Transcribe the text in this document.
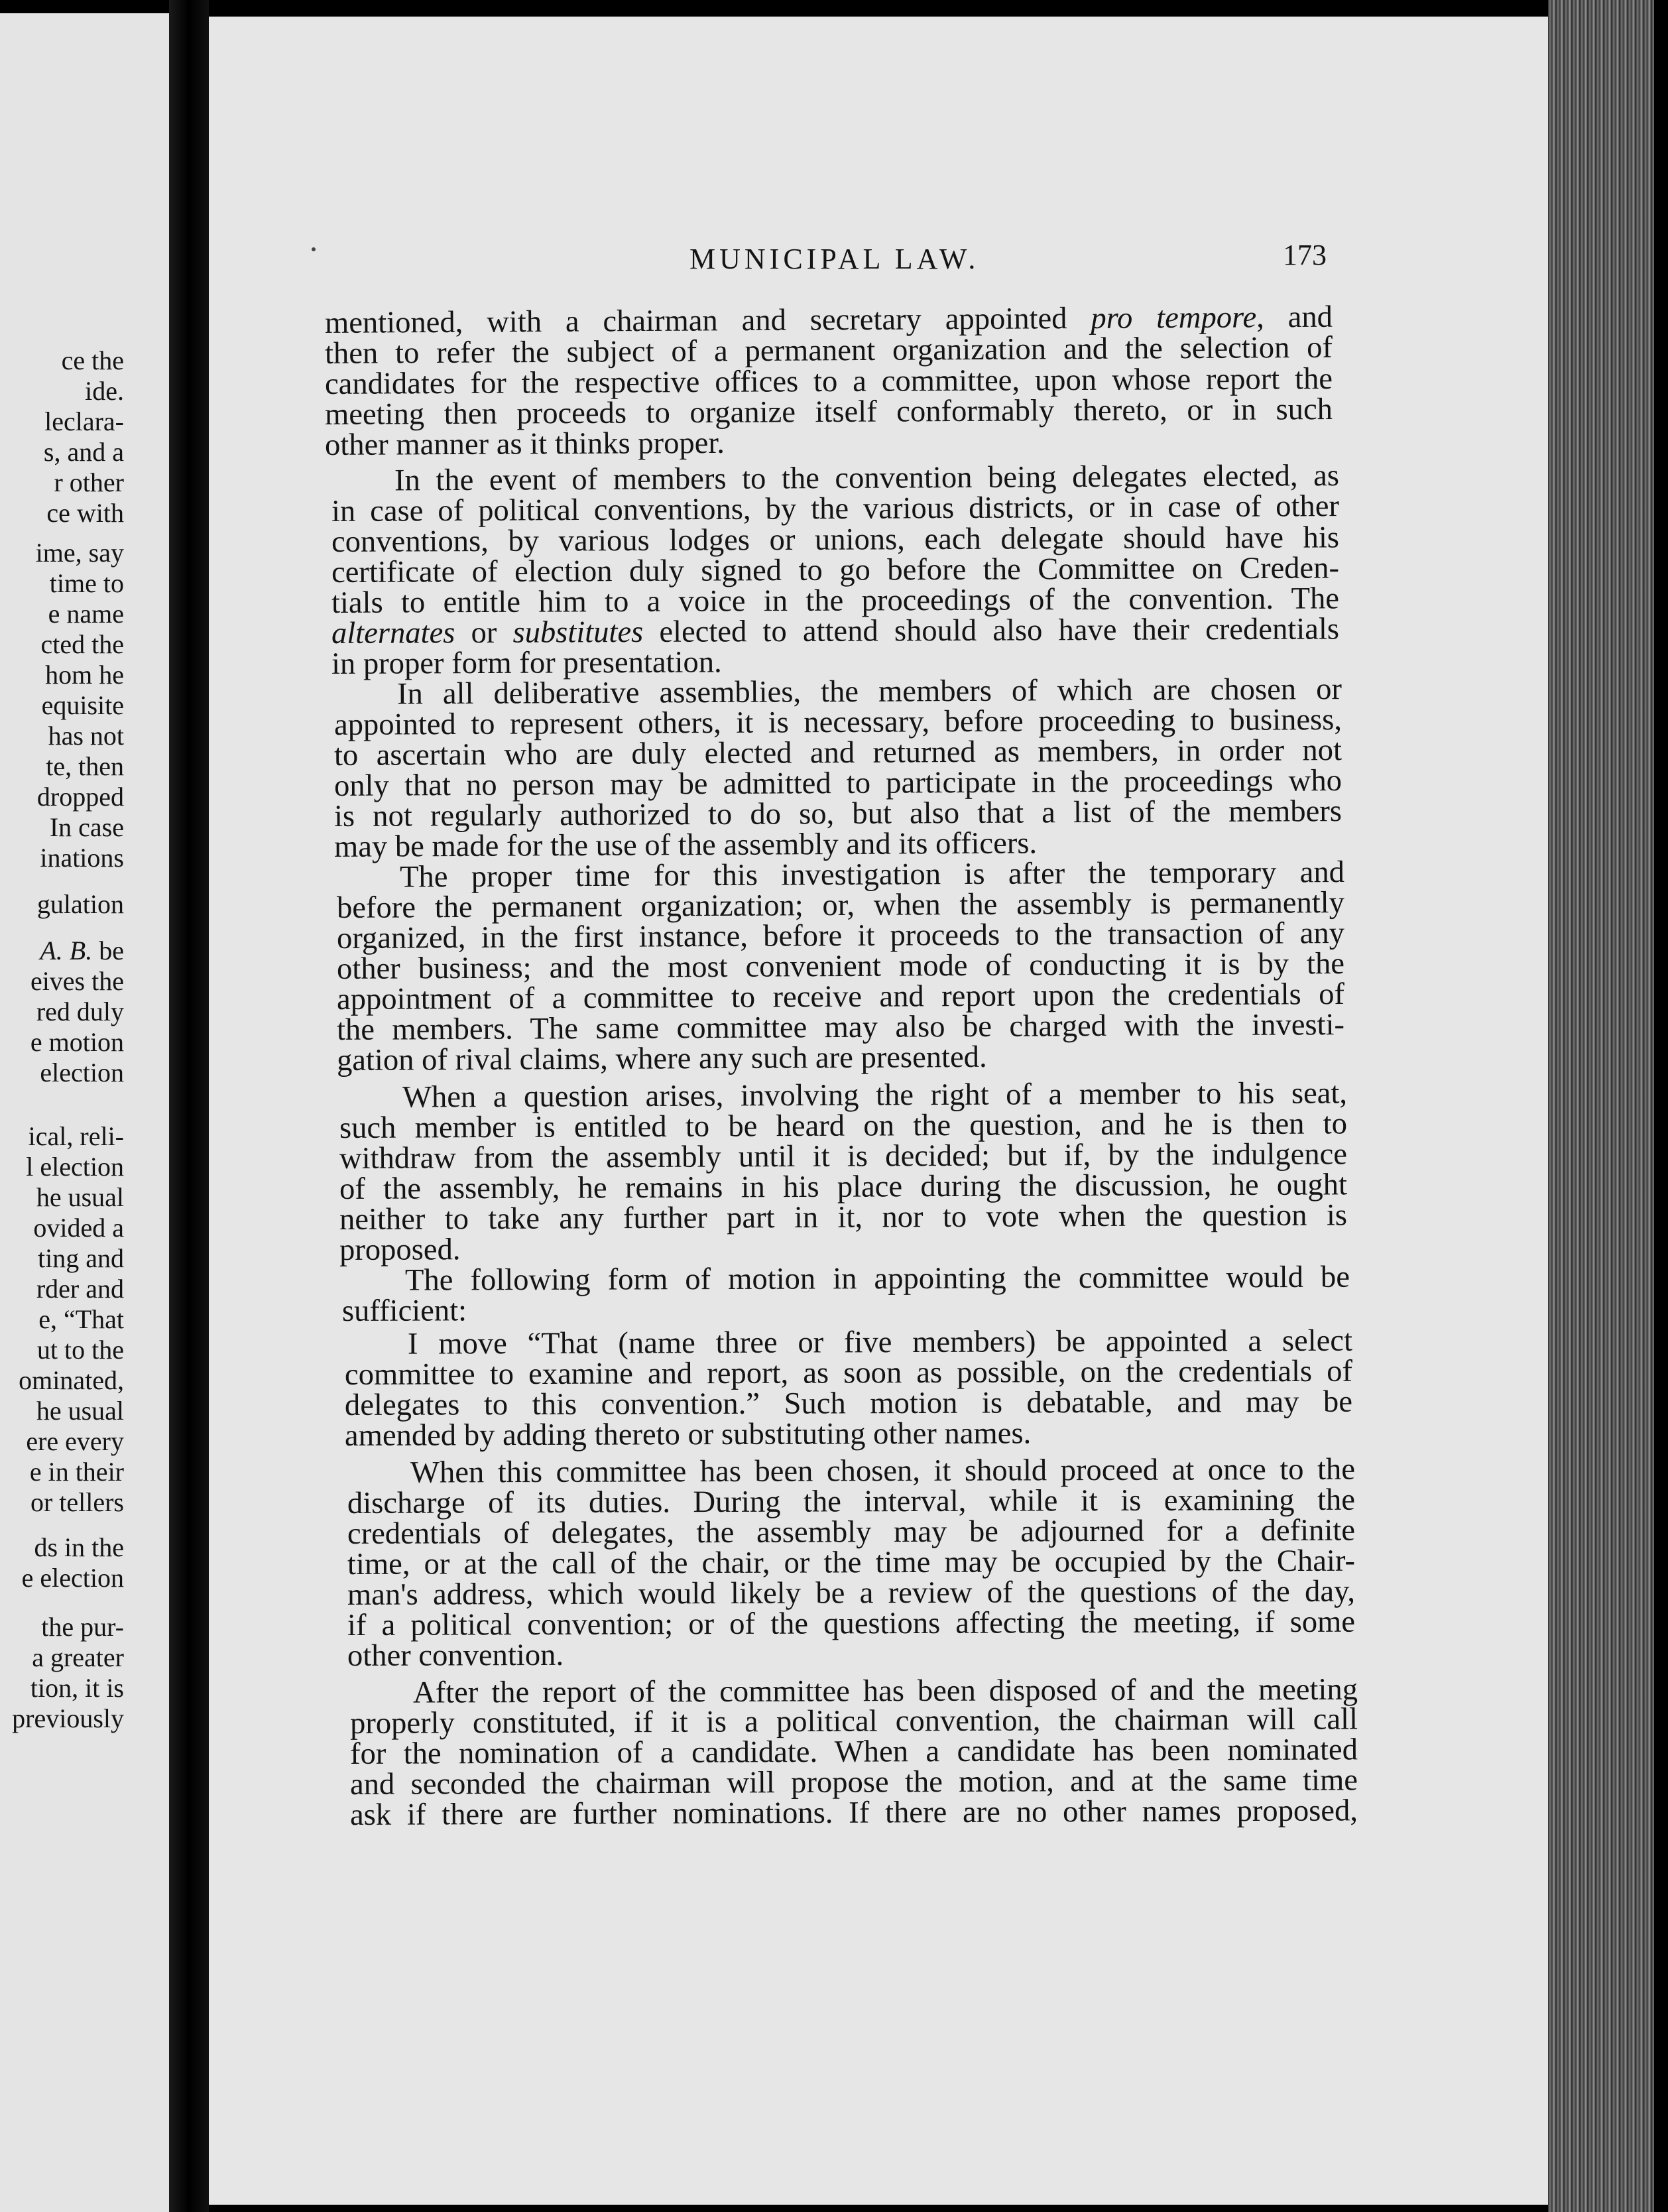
ce the
ide.
leclara-
s, and a
r other
ce with
ime, say
time to
e name
cted the
hom he
equisite
has not
te, then
dropped
In case
inations
gulation
A. B. be
eives the
red duly
e motion
election
ical, reli-
l election
he usual
ovided a
ting and
rder and
e, “That
ut to the
ominated,
he usual
ere every
e in their
or tellers
ds in the
e election
the pur-
a greater
tion, it is
previously
MUNICIPAL LAW.	173
mentioned, with a chairman and secretary appointed pro tempore, and
then to refer the subject of a permanent organization and the selection of
candidates for the respective offices to a committee, upon whose report the
meeting then proceeds to organize itself conformably thereto, or in such
other manner as it thinks proper.
In the event of members to the convention being delegates elected, as
in case of political conventions, by the various districts, or in case of other
conventions, by various lodges or unions, each delegate should have his
certificate of election duly signed to go before the Committee on Creden-
tials to entitle him to a voice in the proceedings of the convention. The
alternates or substitutes elected to attend should also have their credentials
in proper form for presentation.
In all deliberative assemblies, the members of which are chosen or
appointed to represent others, it is necessary, before proceeding to business,
to ascertain who are duly elected and returned as members, in order not
only that no person may be admitted to participate in the proceedings who
is not regularly authorized to do so, but also that a list of the members
may be made for the use of the assembly and its officers.
The proper time for this investigation is after the temporary and
before the permanent organization; or, when the assembly is permanently
organized, in the first instance, before it proceeds to the transaction of any
other business; and the most convenient mode of conducting it is by the
appointment of a committee to receive and report upon the credentials of
the members. The same committee may also be charged with the investi-
gation of rival claims, where any such are presented.
When a question arises, involving the right of a member to his seat,
such member is entitled to be heard on the question, and he is then to
withdraw from the assembly until it is decided; but if, by the indulgence
of the assembly, he remains in his place during the discussion, he ought
neither to take any further part in it, nor to vote when the question is
proposed.
The following form of motion in appointing the committee would be
sufficient:
I move “That (name three or five members) be appointed a select
committee to examine and report, as soon as possible, on the credentials of
delegates to this convention.” Such motion is debatable, and may be
amended by adding thereto or substituting other names.
When this committee has been chosen, it should proceed at once to the
discharge of its duties. During the interval, while it is examining the
credentials of delegates, the assembly may be adjourned for a definite
time, or at the call of the chair, or the time may be occupied by the Chair-
man's address, which would likely be a review of the questions of the day,
if a political convention; or of the questions affecting the meeting, if some
other convention.
After the report of the committee has been disposed of and the meeting
properly constituted, if it is a political convention, the chairman will call
for the nomination of a candidate. When a candidate has been nominated
and seconded the chairman will propose the motion, and at the same time
ask if there are further nominations. If there are no other names proposed,
